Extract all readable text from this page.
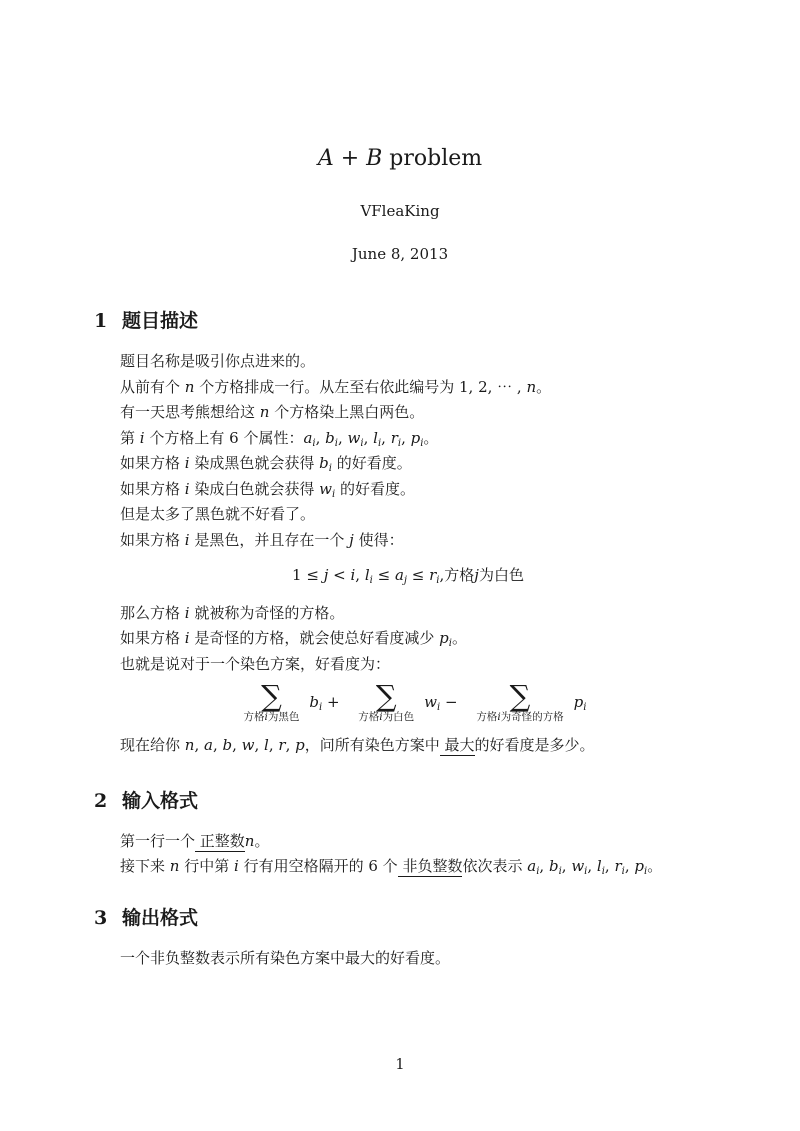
A + B problem
VFleaKing
June 8, 2013
1 题目描述

题目名称是吸引你点进来的。

从前有个 n 个方格排成一行。从左至右依此编号为 1, 2, ⋯ , n。

有一天思考熊想给这 n 个方格染上黑白两色。

第 i 个方格上有 6 个属性：$a_i$, $b_i$, $w_i$, $l_i$, $r_i$, $p_i$。

如果方格 i 染成黑色就会获得 $b_i$ 的好看度。

如果方格 i 染成白色就会获得 $w_i$ 的好看度。

但是太多了黑色就不好看了。

如果方格 i 是黑色，并且存在一个 j 使得：

1 ≤ j < i, $l_i \le a_j \le r_i$,方格j为白色

那么方格 i 就被称为奇怪的方格。

如果方格 i 是奇怪的方格，就会使总好看度减少 $p_i$。

也就是说对于一个染色方案，好看度为：

∑
方格i为黑色
$b_i$ + ∑
方格i为白色
$w_i$ − ∑
方格i为奇怪的方格
$p_i$

现在给你 n, a, b, w, l, r, p，问所有染色方案中 最大的好看度是多少。

2 输入格式

第一行一个 正整数n。

接下来 n 行中第 i 行有用空格隔开的 6 个 非负整数依次表示 $a_i$, $b_i$, $w_i$, $l_i$, $r_i$, $p_i$。

3 输出格式

一个非负整数表示所有染色方案中最大的好看度。

1
